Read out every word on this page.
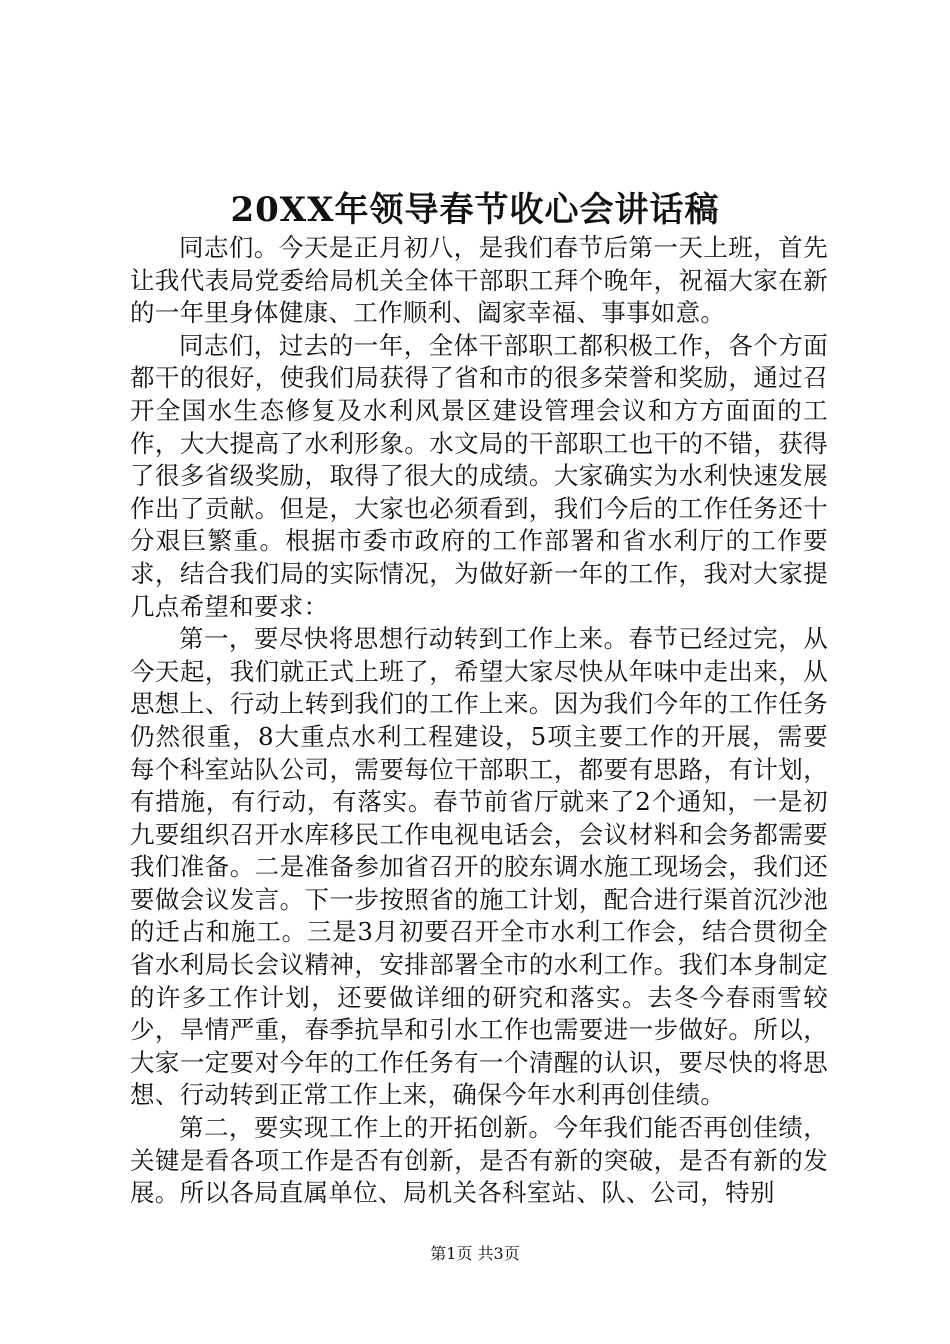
20XX年领导春节收心会讲话稿

同志们。今天是正月初八，是我们春节后第一天上班，首先让我代表局党委给局机关全体干部职工拜个晚年，祝福大家在新的一年里身体健康、工作顺利、阖家幸福、事事如意。

同志们，过去的一年，全体干部职工都积极工作，各个方面都干的很好，使我们局获得了省和市的很多荣誉和奖励，通过召开全国水生态修复及水利风景区建设管理会议和方方面面的工作，大大提高了水利形象。水文局的干部职工也干的不错，获得了很多省级奖励，取得了很大的成绩。大家确实为水利快速发展作出了贡献。但是，大家也必须看到，我们今后的工作任务还十分艰巨繁重。根据市委市政府的工作部署和省水利厅的工作要求，结合我们局的实际情况，为做好新一年的工作，我对大家提几点希望和要求：

第一，要尽快将思想行动转到工作上来。春节已经过完，从今天起，我们就正式上班了，希望大家尽快从年味中走出来，从思想上、行动上转到我们的工作上来。因为我们今年的工作任务仍然很重，8大重点水利工程建设，5项主要工作的开展，需要每个科室站队公司，需要每位干部职工，都要有思路，有计划，有措施，有行动，有落实。春节前省厅就来了2个通知，一是初九要组织召开水库移民工作电视电话会，会议材料和会务都需要我们准备。二是准备参加省召开的胶东调水施工现场会，我们还要做会议发言。下一步按照省的施工计划，配合进行渠首沉沙池的迁占和施工。三是3月初要召开全市水利工作会，结合贯彻全省水利局长会议精神，安排部署全市的水利工作。我们本身制定的许多工作计划，还要做详细的研究和落实。去冬今春雨雪较少，旱情严重，春季抗旱和引水工作也需要进一步做好。所以，大家一定要对今年的工作任务有一个清醒的认识，要尽快的将思想、行动转到正常工作上来，确保今年水利再创佳绩。

第二，要实现工作上的开拓创新。今年我们能否再创佳绩，关键是看各项工作是否有创新，是否有新的突破，是否有新的发展。所以各局直属单位、局机关各科室站、队、公司，特别

第1页 共3页
